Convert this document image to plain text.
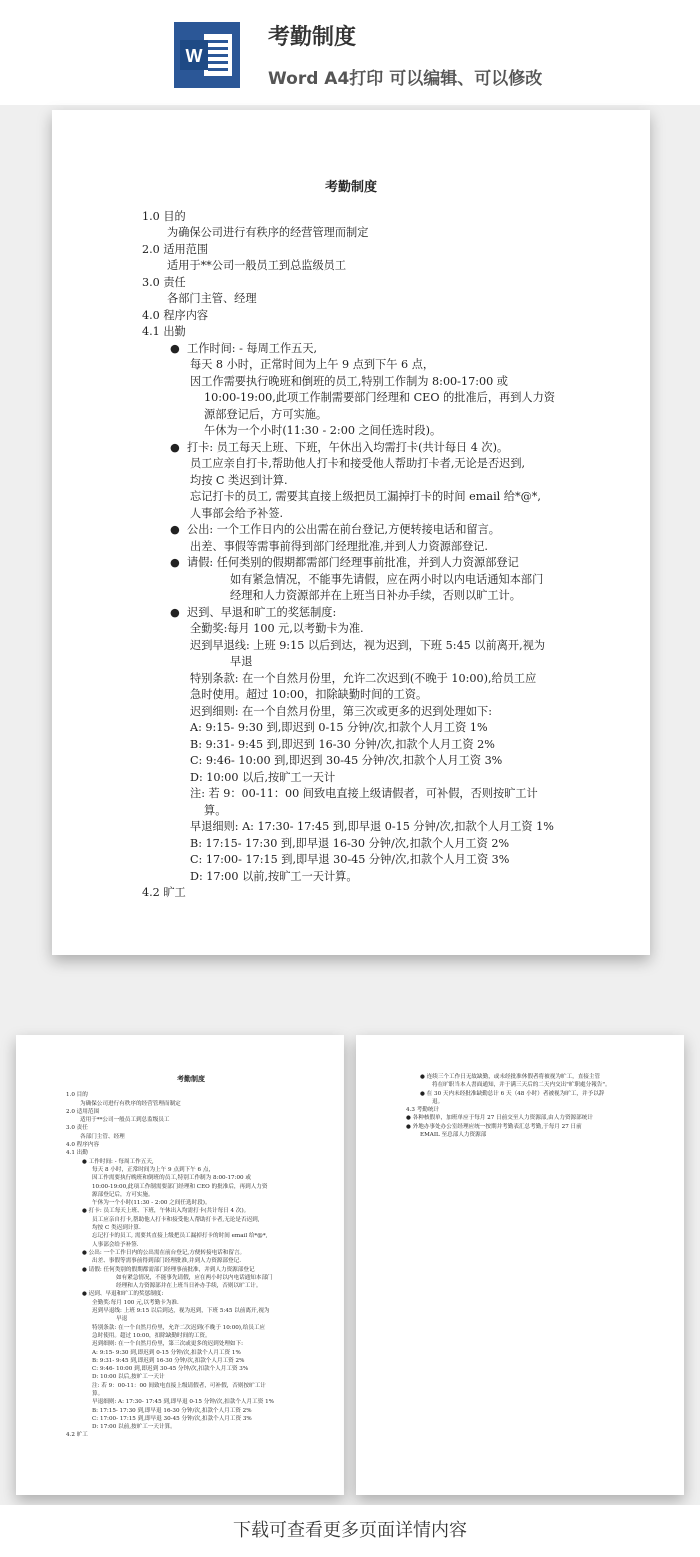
W
考勤制度
Word A4打印 可以编辑、可以修改
考勤制度
1.0 目的
为确保公司进行有秩序的经营管理而制定
2.0 适用范围
适用于**公司一般员工到总监级员工
3.0 责任
各部门主管、经理
4.0 程序内容
4.1 出勤
● 工作时间: - 每周工作五天,
每天 8 小时，正常时间为上午 9 点到下午 6 点，
因工作需要执行晚班和倒班的员工,特别工作制为 8:00-17:00 或
10:00-19:00,此项工作制需要部门经理和 CEO 的批准后，再到人力资
源部登记后，方可实施。
午休为一个小时(11:30 - 2:00 之间任选时段)。
● 打卡: 员工每天上班、下班，午休出入均需打卡(共计每日 4 次)。
员工应亲自打卡,帮助他人打卡和接受他人帮助打卡者,无论是否迟到,
均按 C 类迟到计算.
忘记打卡的员工, 需要其直接上级把员工漏掉打卡的时间 email 给*@*,
人事部会给予补签.
● 公出: 一个工作日内的公出需在前台登记,方便转接电话和留言。
出差、事假等需事前得到部门经理批准,并到人力资源部登记.
● 请假: 任何类别的假期都需部门经理事前批准，并到人力资源部登记
如有紧急情况，不能事先请假，应在两小时以内电话通知本部门
经理和人力资源部并在上班当日补办手续，否则以旷工计。
● 迟到、早退和旷工的奖惩制度:
全勤奖:每月 100 元,以考勤卡为准.
迟到早退线: 上班 9:15 以后到达，视为迟到，下班 5:45 以前离开,视为
早退
特别条款: 在一个自然月份里，允许二次迟到(不晚于 10:00),给员工应
急时使用。超过 10:00，扣除缺勤时间的工资。
迟到细则: 在一个自然月份里，第三次或更多的迟到处理如下:
A: 9:15- 9:30 到,即迟到 0-15 分钟/次,扣款个人月工资 1%
B: 9:31- 9:45 到,即迟到 16-30 分钟/次,扣款个人月工资 2%
C: 9:46- 10:00 到,即迟到 30-45 分钟/次,扣款个人月工资 3%
D: 10:00 以后,按旷工一天计
注: 若 9：00-11：00 间致电直接上级请假者，可补假，否则按旷工计
算。
早退细则: A: 17:30- 17:45 到,即早退 0-15 分钟/次,扣款个人月工资 1%
B: 17:15- 17:30 到,即早退 16-30 分钟/次,扣款个人月工资 2%
C: 17:00- 17:15 到,即早退 30-45 分钟/次,扣款个人月工资 3%
D: 17:00 以前,按旷工一天计算。
4.2 旷工
考勤制度
1.0 目的
为确保公司进行有秩序的经营管理而制定
2.0 适用范围
适用于**公司一般员工到总监级员工
3.0 责任
各部门主管、经理
4.0 程序内容
4.1 出勤
● 工作时间: - 每周工作五天,
每天 8 小时，正常时间为上午 9 点到下午 6 点，
因工作需要执行晚班和倒班的员工,特别工作制为 8:00-17:00 或
10:00-19:00,此项工作制需要部门经理和 CEO 的批准后，再到人力资
源部登记后，方可实施。
午休为一个小时(11:30 - 2:00 之间任选时段)。
● 打卡: 员工每天上班、下班，午休出入均需打卡(共计每日 4 次)。
员工应亲自打卡,帮助他人打卡和接受他人帮助打卡者,无论是否迟到,
均按 C 类迟到计算.
忘记打卡的员工, 需要其直接上级把员工漏掉打卡的时间 email 给*@*,
人事部会给予补签.
● 公出: 一个工作日内的公出需在前台登记,方便转接电话和留言。
出差、事假等需事前得到部门经理批准,并到人力资源部登记.
● 请假: 任何类别的假期都需部门经理事前批准，并到人力资源部登记
如有紧急情况，不能事先请假，应在两小时以内电话通知本部门
经理和人力资源部并在上班当日补办手续，否则以旷工计。
● 迟到、早退和旷工的奖惩制度:
全勤奖:每月 100 元,以考勤卡为准.
迟到早退线: 上班 9:15 以后到达，视为迟到，下班 5:45 以前离开,视为
早退
特别条款: 在一个自然月份里，允许二次迟到(不晚于 10:00),给员工应
急时使用。超过 10:00，扣除缺勤时间的工资。
迟到细则: 在一个自然月份里，第三次或更多的迟到处理如下:
A: 9:15- 9:30 到,即迟到 0-15 分钟/次,扣款个人月工资 1%
B: 9:31- 9:45 到,即迟到 16-30 分钟/次,扣款个人月工资 2%
C: 9:46- 10:00 到,即迟到 30-45 分钟/次,扣款个人月工资 3%
D: 10:00 以后,按旷工一天计
注: 若 9：00-11：00 间致电直接上级请假者，可补假，否则按旷工计
算。
早退细则: A: 17:30- 17:45 到,即早退 0-15 分钟/次,扣款个人月工资 1%
B: 17:15- 17:30 到,即早退 16-30 分钟/次,扣款个人月工资 2%
C: 17:00- 17:15 到,即早退 30-45 分钟/次,扣款个人月工资 3%
D: 17:00 以前,按旷工一天计算。
4.2 旷工
● 连续三个工作日无故缺勤，或未经批准休假者将被视为旷工，直接主管
将在旷职当本人書面通知，并于满三天后的二天内交出"旷职處分報告"。
● 在 30 天内未经批准缺勤总计 6 天（48 小时）者被视为旷工，并予以辞
退。
4.3 考勤统计
● 各种核假单，加班单应于每月 27 日前交至人力资源部,由人力资源部统计
● 外地办事处办公室经理应统一按期并考勤表汇总考勤,于每月 27 日前
EMAIL 至总部人力资源部
下载可查看更多页面详情内容
